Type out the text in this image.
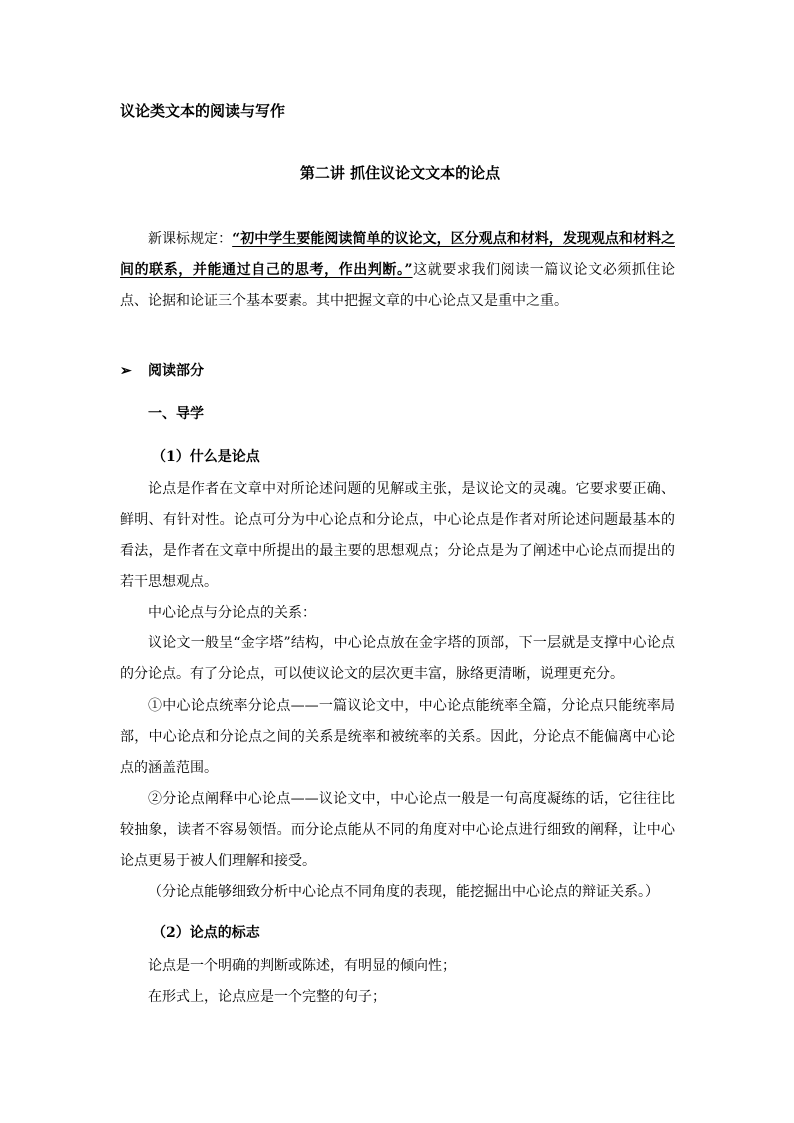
议论类文本的阅读与写作
第二讲 抓住议论文文本的论点

新课标规定：“初中学生要能阅读简单的议论文，区分观点和材料，发现观点和材料之间的联系，并能通过自己的思考，作出判断。”这就要求我们阅读一篇议论文必须抓住论点、论据和论证三个基本要素。其中把握文章的中心论点又是重中之重。

➢ 阅读部分
一、导学
（1）什么是论点

论点是作者在文章中对所论述问题的见解或主张，是议论文的灵魂。它要求要正确、鲜明、有针对性。论点可分为中心论点和分论点，中心论点是作者对所论述问题最基本的看法，是作者在文章中所提出的最主要的思想观点；分论点是为了阐述中心论点而提出的若干思想观点。

中心论点与分论点的关系：

议论文一般呈“金字塔”结构，中心论点放在金字塔的顶部，下一层就是支撑中心论点的分论点。有了分论点，可以使议论文的层次更丰富，脉络更清晰，说理更充分。

①中心论点统率分论点——一篇议论文中，中心论点能统率全篇，分论点只能统率局部，中心论点和分论点之间的关系是统率和被统率的关系。因此，分论点不能偏离中心论点的涵盖范围。

②分论点阐释中心论点——议论文中，中心论点一般是一句高度凝练的话，它往往比较抽象，读者不容易领悟。而分论点能从不同的角度对中心论点进行细致的阐释，让中心论点更易于被人们理解和接受。

（分论点能够细致分析中心论点不同角度的表现，能挖掘出中心论点的辩证关系。）
（2）论点的标志
论点是一个明确的判断或陈述，有明显的倾向性；
在形式上，论点应是一个完整的句子；
